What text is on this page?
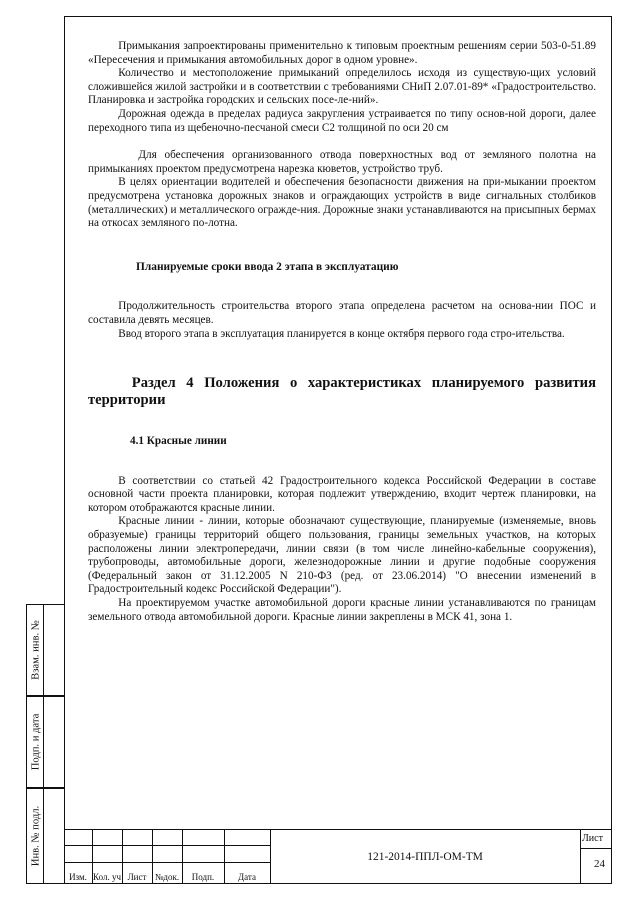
Примыкания запроектированы применительно к типовым проектным решениям серии 503-0-51.89 «Пересечения и примыкания автомобильных дорог в одном уровне».

Количество и местоположение примыканий определилось исходя из существую-щих условий сложившейся жилой застройки и в соответствии с требованиями СНиП 2.07.01-89* «Градостроительство. Планировка и застройка городских и сельских посе-ле-ний».

Дорожная одежда в пределах радиуса закругления устраивается по типу основ-ной дороги, далее переходного типа из щебеночно-песчаной смеси С2 толщиной по оси 20 см

Для обеспечения организованного отвода поверхностных вод от земляного полотна на примыканиях проектом предусмотрена нарезка кюветов, устройство труб.

В целях ориентации водителей и обеспечения безопасности движения на при-мыкании проектом предусмотрена установка дорожных знаков и ограждающих устройств в виде сигнальных столбиков (металлических) и металлического огражде-ния. Дорожные знаки устанавливаются на присыпных бермах на откосах земляного по-лотна.

Планируемые сроки ввода 2 этапа в эксплуатацию

Продолжительность строительства второго этапа определена расчетом на основа-нии ПОС и составила девять месяцев.

Ввод второго этапа в эксплуатация планируется в конце октября первого года стро-ительства.

Раздел 4 Положения о характеристиках планируемого развития территории

4.1 Красные линии

В соответствии со статьей 42 Градостроительного кодекса Российской Федерации в составе основной части проекта планировки, которая подлежит утверждению, входит чертеж планировки, на котором отображаются красные линии.

Красные линии - линии, которые обозначают существующие, планируемые (изменяемые, вновь образуемые) границы территорий общего пользования, границы земельных участков, на которых расположены линии электропередачи, линии связи (в том числе линейно-кабельные сооружения), трубопроводы, автомобильные дороги, железнодорожные линии и другие подобные сооружения (Федеральный закон от 31.12.2005 N 210-ФЗ (ред. от 23.06.2014) "О внесении изменений в Градостроительный кодекс Российской Федерации").

На проектируемом участке автомобильной дороги красные линии устанавливаются по границам земельного отвода автомобильной дороги. Красные линии закреплены в МСК 41, зона 1.

Взам. инв. №
Подп. и дата
Инв. № подл.
Изм. Кол. уч Лист №док.	Подп.	Дата
121-2014-ППЛ-ОМ-ТМ
Лист
24
